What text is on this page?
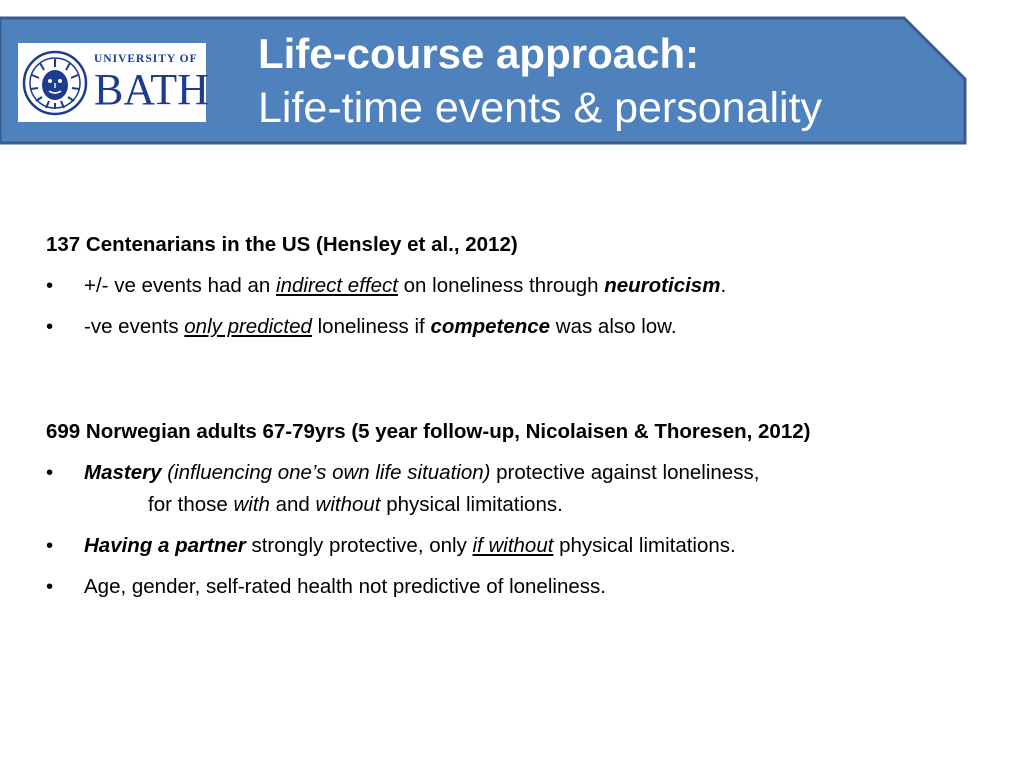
UNIVERSITY OF
BATH
Life-course approach:
Life-time events & personality
137 Centenarians in the US (Hensley et al., 2012)
• +/- ve events had an indirect effect on loneliness through neuroticism.
• -ve events only predicted loneliness if competence was also low.
699 Norwegian adults 67-79yrs (5 year follow-up, Nicolaisen & Thoresen, 2012)
• Mastery (influencing one’s own life situation) protective against loneliness,
for those with and without physical limitations.
• Having a partner strongly protective, only if without physical limitations.
• Age, gender, self-rated health not predictive of loneliness.
